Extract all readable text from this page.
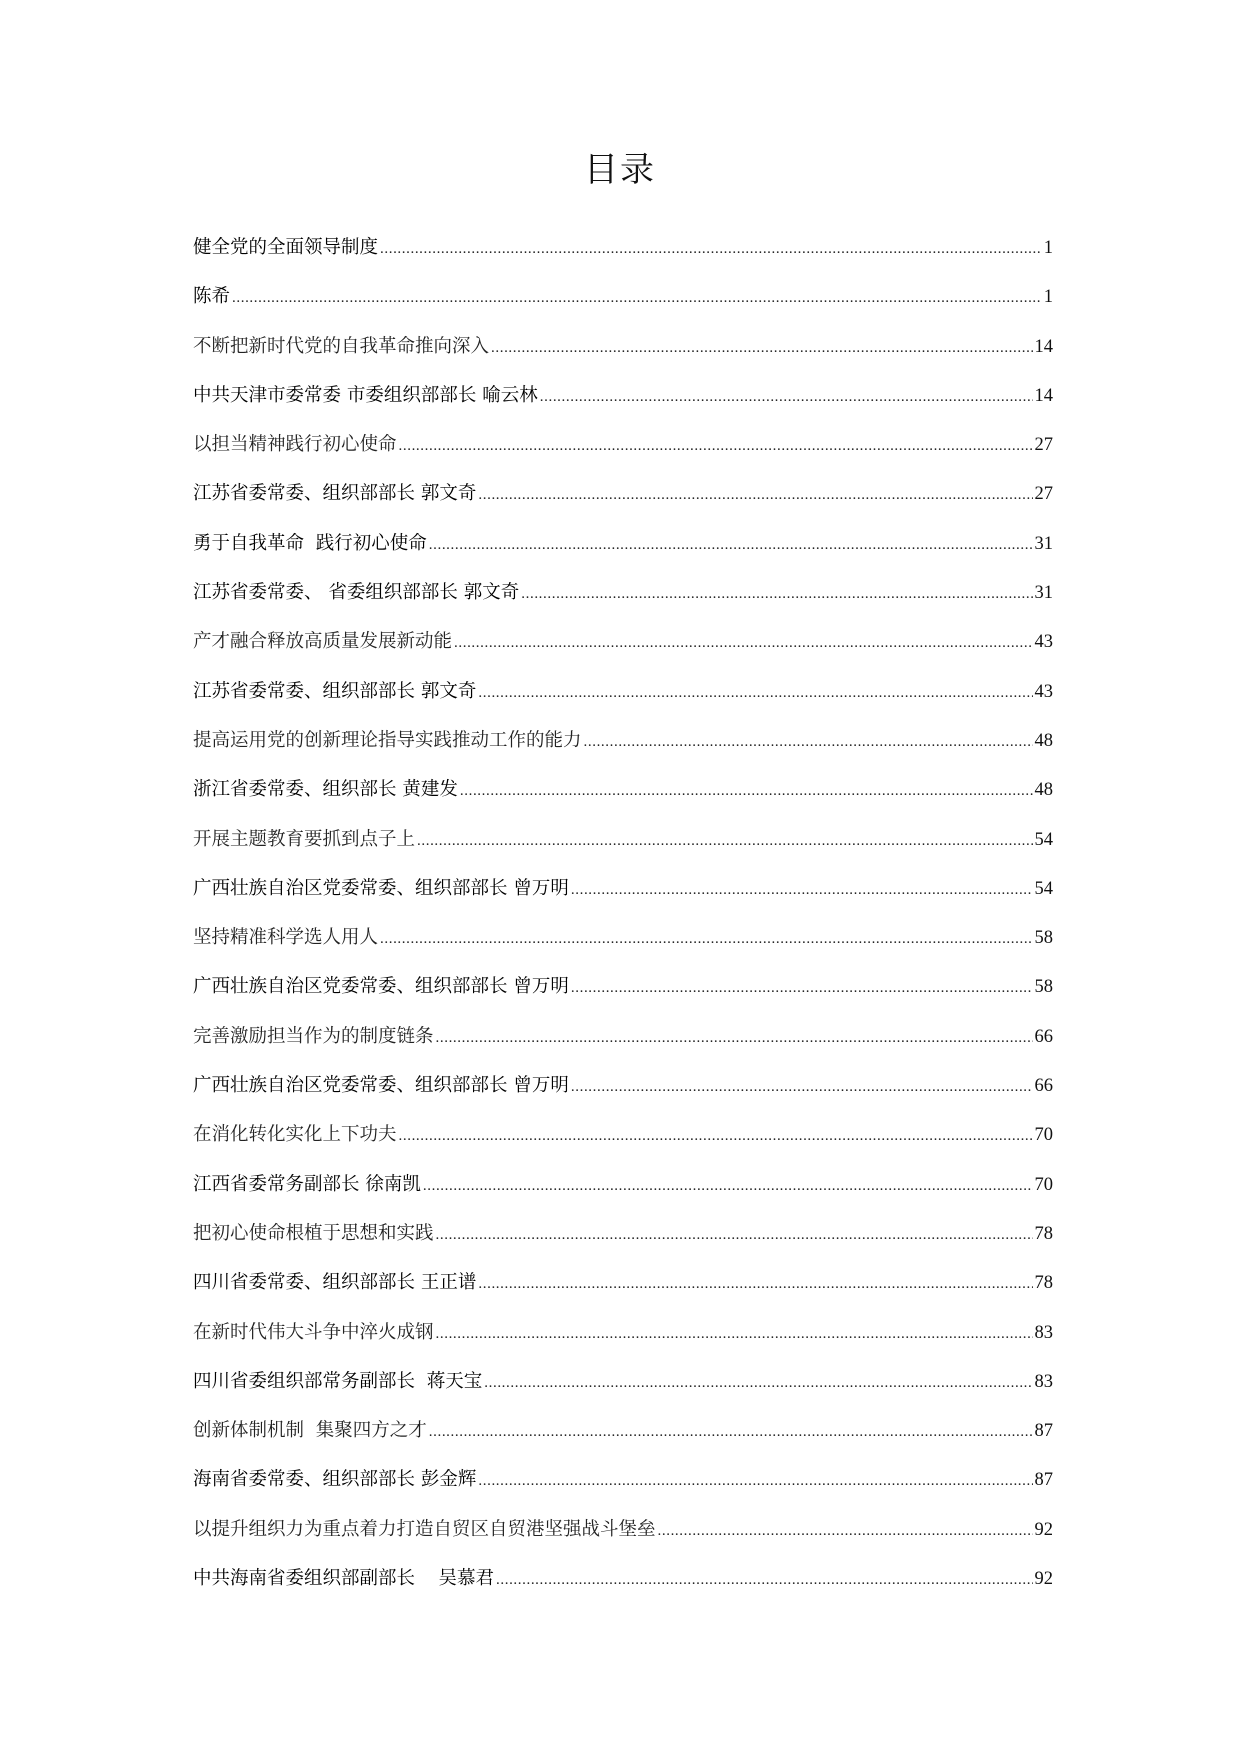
目录
健全党的全面领导制度 .....	1
陈希 .....	1
不断把新时代党的自我革命推向深入 .....	14
中共天津市委常委 市委组织部部长 喻云林 .....	14
以担当精神践行初心使命 .....	27
江苏省委常委、组织部部长 郭文奇 .....	27
勇于自我革命  践行初心使命 .....	31
江苏省委常委、 省委组织部部长 郭文奇 .....	31
产才融合释放高质量发展新动能 .....	43
江苏省委常委、组织部部长 郭文奇 .....	43
提高运用党的创新理论指导实践推动工作的能力 .....	48
浙江省委常委、组织部长 黄建发 .....	48
开展主题教育要抓到点子上 .....	54
广西壮族自治区党委常委、组织部部长 曾万明 .....	54
坚持精准科学选人用人 .....	58
广西壮族自治区党委常委、组织部部长 曾万明 .....	58
完善激励担当作为的制度链条 .....	66
广西壮族自治区党委常委、组织部部长 曾万明 .....	66
在消化转化实化上下功夫 .....	70
江西省委常务副部长 徐南凯 .....	70
把初心使命根植于思想和实践 .....	78
四川省委常委、组织部部长 王正谱 .....	78
在新时代伟大斗争中淬火成钢 .....	83
四川省委组织部常务副部长  蒋天宝 .....	83
创新体制机制  集聚四方之才 .....	87
海南省委常委、组织部部长 彭金辉 .....	87
以提升组织力为重点着力打造自贸区自贸港坚强战斗堡垒 .....	92
中共海南省委组织部副部长    吴慕君 .....	92
